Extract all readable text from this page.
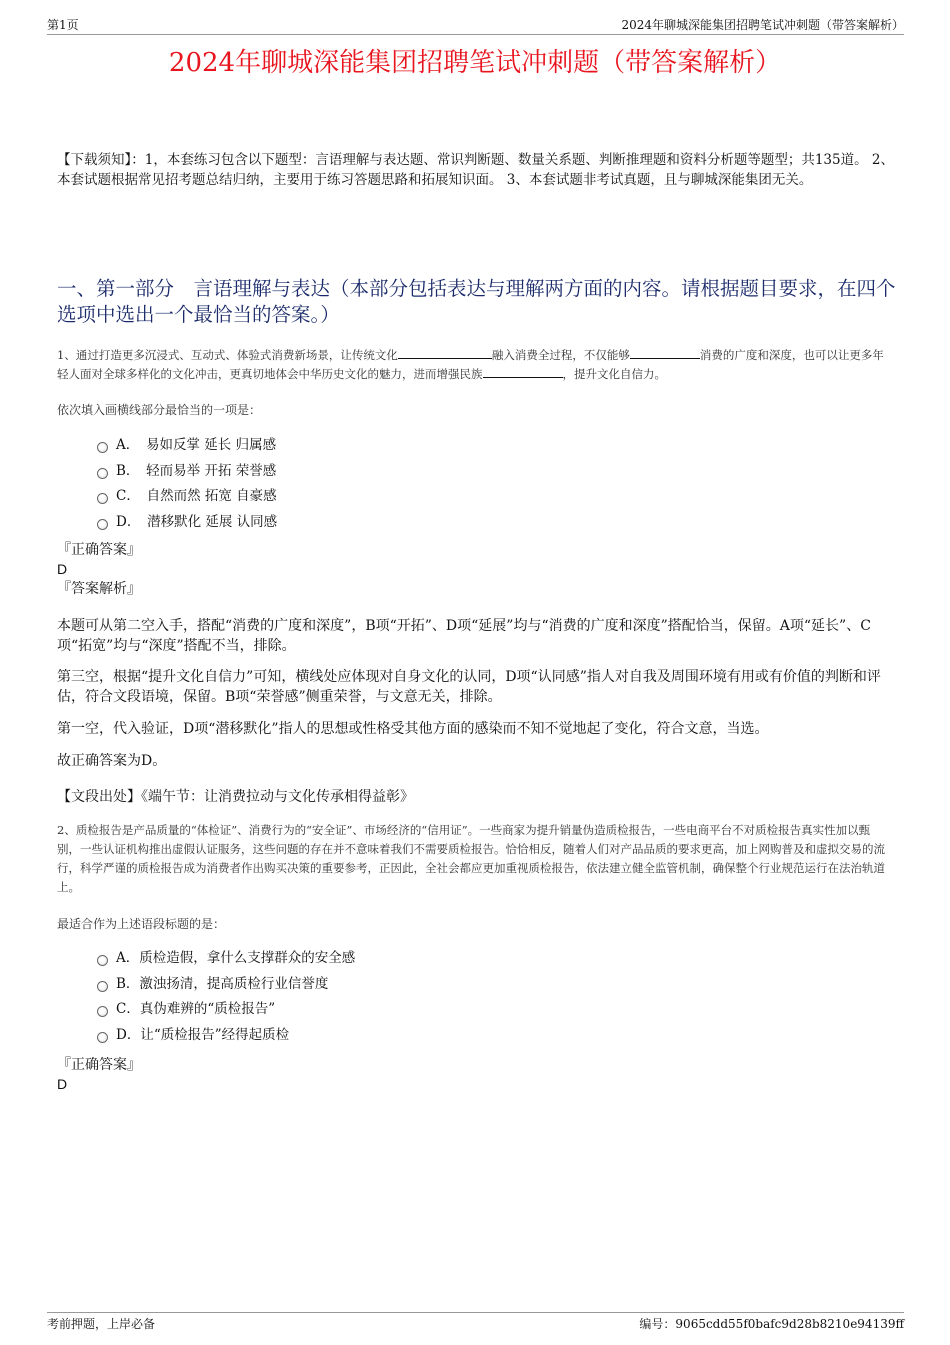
第1页	2024年聊城深能集团招聘笔试冲刺题（带答案解析）
2024年聊城深能集团招聘笔试冲刺题（带答案解析）
【下载须知】：1，本套练习包含以下题型：言语理解与表达题、常识判断题、数量关系题、判断推理题和资料分析题等题型；共135道。 2、本套试题根据常见招考题总结归纳，主要用于练习答题思路和拓展知识面。 3、本套试题非考试真题，且与聊城深能集团无关。
一、第一部分　言语理解与表达（本部分包括表达与理解两方面的内容。请根据题目要求，在四个选项中选出一个最恰当的答案。）
1、通过打造更多沉浸式、互动式、体验式消费新场景，让传统文化	融入消费全过程，不仅能够	消费的广度和深度，也可以让更多年轻人面对全球多样化的文化冲击，更真切地体会中华历史文化的魅力，进而增强民族	，提升文化自信力。
依次填入画横线部分最恰当的一项是：
A．　易如反掌 延长 归属感
B．　轻而易举 开拓 荣誉感
C．　自然而然 拓宽 自豪感
D．　潜移默化 延展 认同感
『正确答案』
D
『答案解析』
本题可从第二空入手，搭配“消费的广度和深度”，B项“开拓”、D项“延展”均与“消费的广度和深度”搭配恰当，保留。A项“延长”、C项“拓宽”均与“深度”搭配不当，排除。
第三空，根据“提升文化自信力”可知，横线处应体现对自身文化的认同，D项“认同感”指人对自我及周围环境有用或有价值的判断和评估，符合文段语境，保留。B项“荣誉感”侧重荣誉，与文意无关，排除。
第一空，代入验证，D项“潜移默化”指人的思想或性格受其他方面的感染而不知不觉地起了变化，符合文意，当选。
故正确答案为D。
【文段出处】《端午节：让消费拉动与文化传承相得益彰》
2、质检报告是产品质量的“体检证”、消费行为的“安全证”、市场经济的“信用证”。一些商家为提升销量伪造质检报告，一些电商平台不对质检报告真实性加以甄别，一些认证机构推出虚假认证服务，这些问题的存在并不意味着我们不需要质检报告。恰恰相反，随着人们对产品品质的要求更高，加上网购普及和虚拟交易的流行，科学严谨的质检报告成为消费者作出购买决策的重要参考，正因此，全社会都应更加重视质检报告，依法建立健全监管机制，确保整个行业规范运行在法治轨道上。
最适合作为上述语段标题的是：
A．质检造假，拿什么支撑群众的安全感
B．激浊扬清，提高质检行业信誉度
C．真伪难辨的“质检报告”
D．让“质检报告”经得起质检
『正确答案』
D
考前押题，上岸必备	编号：9065cdd55f0bafc9d28b8210e94139ff
